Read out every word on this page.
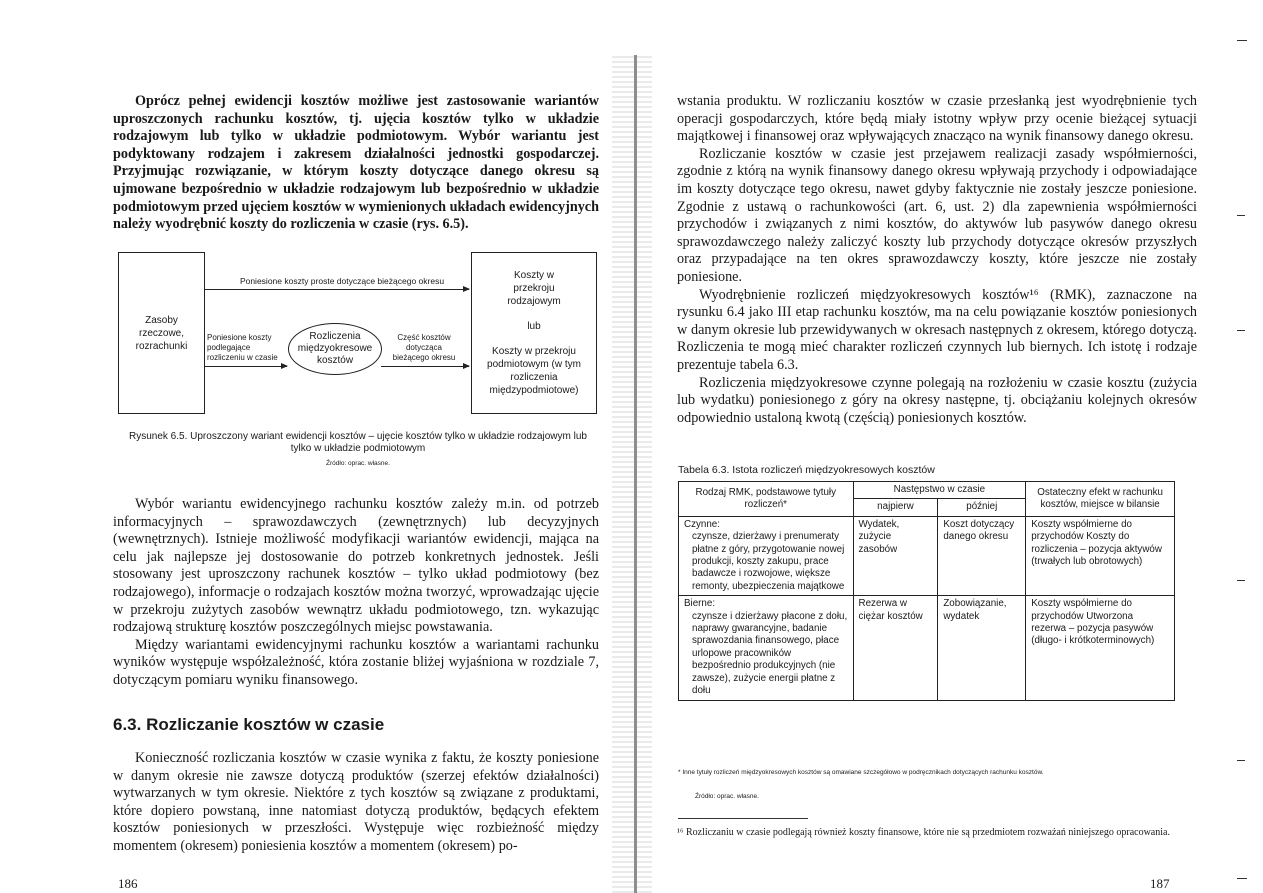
Oprócz pełnej ewidencji kosztów możliwe jest zastosowanie wariantów uproszczonych rachunku kosztów, tj. ujęcia kosztów tylko w układzie rodzajowym lub tylko w układzie podmiotowym. Wybór wariantu jest podyktowany rodzajem i zakresem działalności jednostki gospodarczej. Przyjmując rozwiązanie, w którym koszty dotyczące danego okresu są ujmowane bezpośrednio w układzie rodzajowym lub bezpośrednio w układzie podmiotowym przed ujęciem kosztów w wymienionych układach ewidencyjnych należy wyodrębnić koszty do rozliczenia w czasie (rys. 6.5).

Zasoby rzeczowe, rozrachunki
Koszty w przekroju rodzajowym
lub
Koszty w przekroju podmiotowym (w tym rozliczenia międzypodmiotowe)
Poniesione koszty proste dotyczące bieżącego okresu
Poniesione koszty podlegające rozliczeniu w czasie
Rozliczenia międzyokresowe kosztów
Część kosztów dotycząca bieżącego okresu
Rysunek 6.5. Uproszczony wariant ewidencji kosztów – ujęcie kosztów tylko w układzie rodzajowym lub tylko w układzie podmiotowym
Źródło: oprac. własne.

Wybór wariantu ewidencyjnego rachunku kosztów zależy m.in. od potrzeb informacyjnych – sprawozdawczych (zewnętrznych) lub decyzyjnych (wewnętrznych). Istnieje możliwość modyfikacji wariantów ewidencji, mająca na celu jak najlepsze jej dostosowanie do potrzeb konkretnych jednostek. Jeśli stosowany jest uproszczony rachunek kosztów – tylko układ podmiotowy (bez rodzajowego), informacje o rodzajach kosztów można tworzyć, wprowadzając ujęcie w przekroju zużytych zasobów wewnątrz układu podmiotowego, tzn. wykazując rodzajową strukturę kosztów poszczególnych miejsc powstawania.

Między wariantami ewidencyjnymi rachunku kosztów a wariantami rachunku wyników występuje współzależność, która zostanie bliżej wyjaśniona w rozdziale 7, dotyczącym pomiaru wyniku finansowego.

6.3. Rozliczanie kosztów w czasie

Konieczność rozliczania kosztów w czasie wynika z faktu, że koszty poniesione w danym okresie nie zawsze dotyczą produktów (szerzej efektów działalności) wytwarzanych w tym okresie. Niektóre z tych kosztów są związane z produktami, które dopiero powstaną, inne natomiast dotyczą produktów, będących efektem kosztów poniesionych w przeszłości. Występuje więc rozbieżność między momentem (okresem) poniesienia kosztów a momentem (okresem) po-

186

wstania produktu. W rozliczaniu kosztów w czasie przesłanką jest wyodrębnienie tych operacji gospodarczych, które będą miały istotny wpływ przy ocenie bieżącej sytuacji majątkowej i finansowej oraz wpływających znacząco na wynik finansowy danego okresu.

Rozliczanie kosztów w czasie jest przejawem realizacji zasady współmierności, zgodnie z którą na wynik finansowy danego okresu wpływają przychody i odpowiadające im koszty dotyczące tego okresu, nawet gdyby faktycznie nie zostały jeszcze poniesione. Zgodnie z ustawą o rachunkowości (art. 6, ust. 2) dla zapewnienia współmierności przychodów i związanych z nimi kosztów, do aktywów lub pasywów danego okresu sprawozdawczego należy zaliczyć koszty lub przychody dotyczące okresów przyszłych oraz przypadające na ten okres sprawozdawczy koszty, które jeszcze nie zostały poniesione.

Wyodrębnienie rozliczeń międzyokresowych kosztów¹⁶ (RMK), zaznaczone na rysunku 6.4 jako III etap rachunku kosztów, ma na celu powiązanie kosztów poniesionych w danym okresie lub przewidywanych w okresach następnych z okresem, którego dotyczą. Rozliczenia te mogą mieć charakter rozliczeń czynnych lub biernych. Ich istotę i rodzaje prezentuje tabela 6.3.

Rozliczenia międzyokresowe czynne polegają na rozłożeniu w czasie kosztu (zużycia lub wydatku) poniesionego z góry na okresy następne, tj. obciążaniu kolejnych okresów odpowiednio ustaloną kwotą (częścią) poniesionych kosztów.

Tabela 6.3. Istota rozliczeń międzyokresowych kosztów
Rodzaj RMK, podstawowe tytuły rozliczeń*	Następstwo w czasie		Ostateczny efekt w rachunku kosztów, miejsce w bilansie
	najpierw	później	

Czynne:
czynsze, dzierżawy i prenumeraty płatne z góry, przygotowanie nowej produkcji, koszty zakupu, prace badawcze i rozwojowe, większe remonty, ubezpieczenia majątkowe	Wydatek, zużycie zasobów	Koszt dotyczący danego okresu	Koszty współmierne do przychodów Koszty do rozliczenia – pozycja aktywów (trwałych lub obrotowych)

Bierne:
czynsze i dzierżawy płacone z dołu, naprawy gwarancyjne, badanie sprawozdania finansowego, płace urlopowe pracowników bezpośrednio produkcyjnych (nie zawsze), zużycie energii płatne z dołu	Rezerwa w ciężar kosztów	Zobowiązanie, wydatek	Koszty współmierne do przychodów Utworzona rezerwa – pozycja pasywów (długo- i krótkoterminowych)
* Inne tytuły rozliczeń międzyokresowych kosztów są omawiane szczegółowo w podręcznikach dotyczących rachunku kosztów.
Źródło: oprac. własne.
¹⁶ Rozliczaniu w czasie podlegają również koszty finansowe, które nie są przedmiotem rozważań niniejszego opracowania.
187
